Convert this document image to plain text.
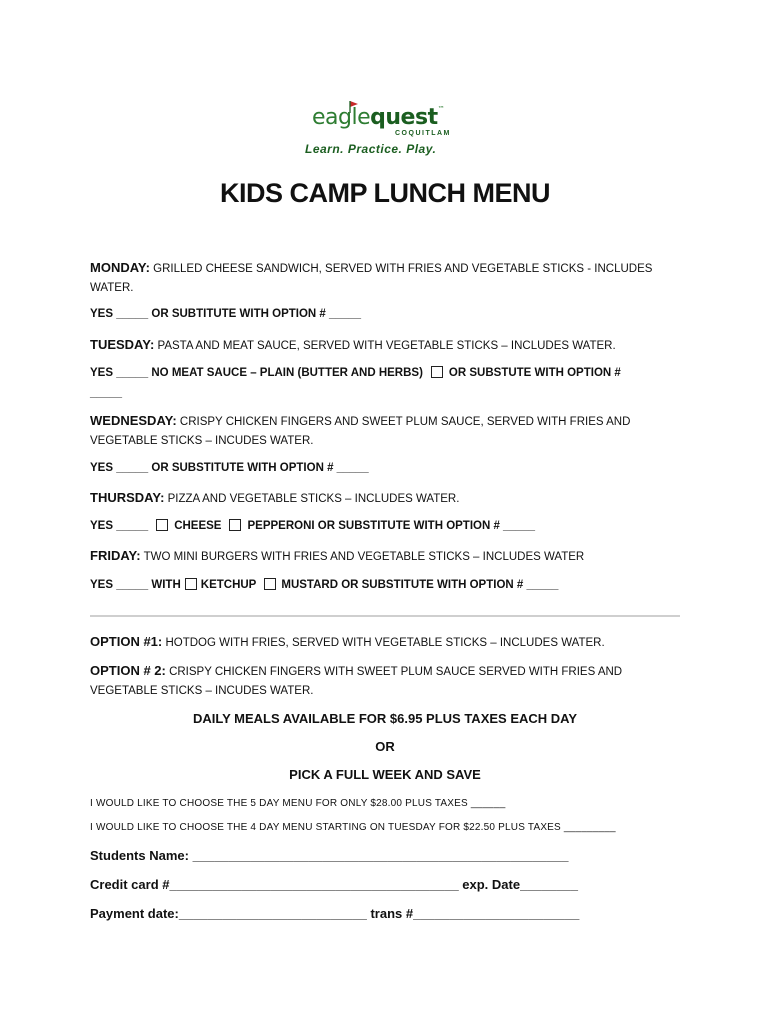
eaglequest™
COQUITLAM
Learn. Practice. Play.
KIDS CAMP LUNCH MENU
MONDAY: GRILLED CHEESE SANDWICH, SERVED WITH FRIES AND VEGETABLE STICKS - INCLUDES WATER.
YES _____ OR SUBTITUTE WITH OPTION # _____
TUESDAY: PASTA AND MEAT SAUCE, SERVED WITH VEGETABLE STICKS – INCLUDES WATER.
YES _____ NO MEAT SAUCE – PLAIN (BUTTER AND HERBS) OR SUBSTUTE WITH OPTION #
_____
WEDNESDAY: CRISPY CHICKEN FINGERS AND SWEET PLUM SAUCE, SERVED WITH FRIES AND VEGETABLE STICKS – INCUDES WATER.
YES _____ OR SUBSTITUTE WITH OPTION # _____
THURSDAY: PIZZA AND VEGETABLE STICKS – INCLUDES WATER.
YES _____ CHEESE PEPPERONI OR SUBSTITUTE WITH OPTION # _____
FRIDAY: TWO MINI BURGERS WITH FRIES AND VEGETABLE STICKS – INCLUDES WATER
YES _____ WITH KETCHUP MUSTARD OR SUBSTITUTE WITH OPTION # _____
OPTION #1: HOTDOG WITH FRIES, SERVED WITH VEGETABLE STICKS – INCLUDES WATER.
OPTION # 2: CRISPY CHICKEN FINGERS WITH SWEET PLUM SAUCE SERVED WITH FRIES AND VEGETABLE STICKS – INCUDES WATER.
DAILY MEALS AVAILABLE FOR $6.95 PLUS TAXES EACH DAY
OR
PICK A FULL WEEK AND SAVE
I WOULD LIKE TO CHOOSE THE 5 DAY MENU FOR ONLY $28.00 PLUS TAXES ______
I WOULD LIKE TO CHOOSE THE 4 DAY MENU STARTING ON TUESDAY FOR $22.50 PLUS TAXES _________
Students Name: ____________________________________________________
Credit card #________________________________________ exp. Date________
Payment date:__________________________ trans #_______________________
